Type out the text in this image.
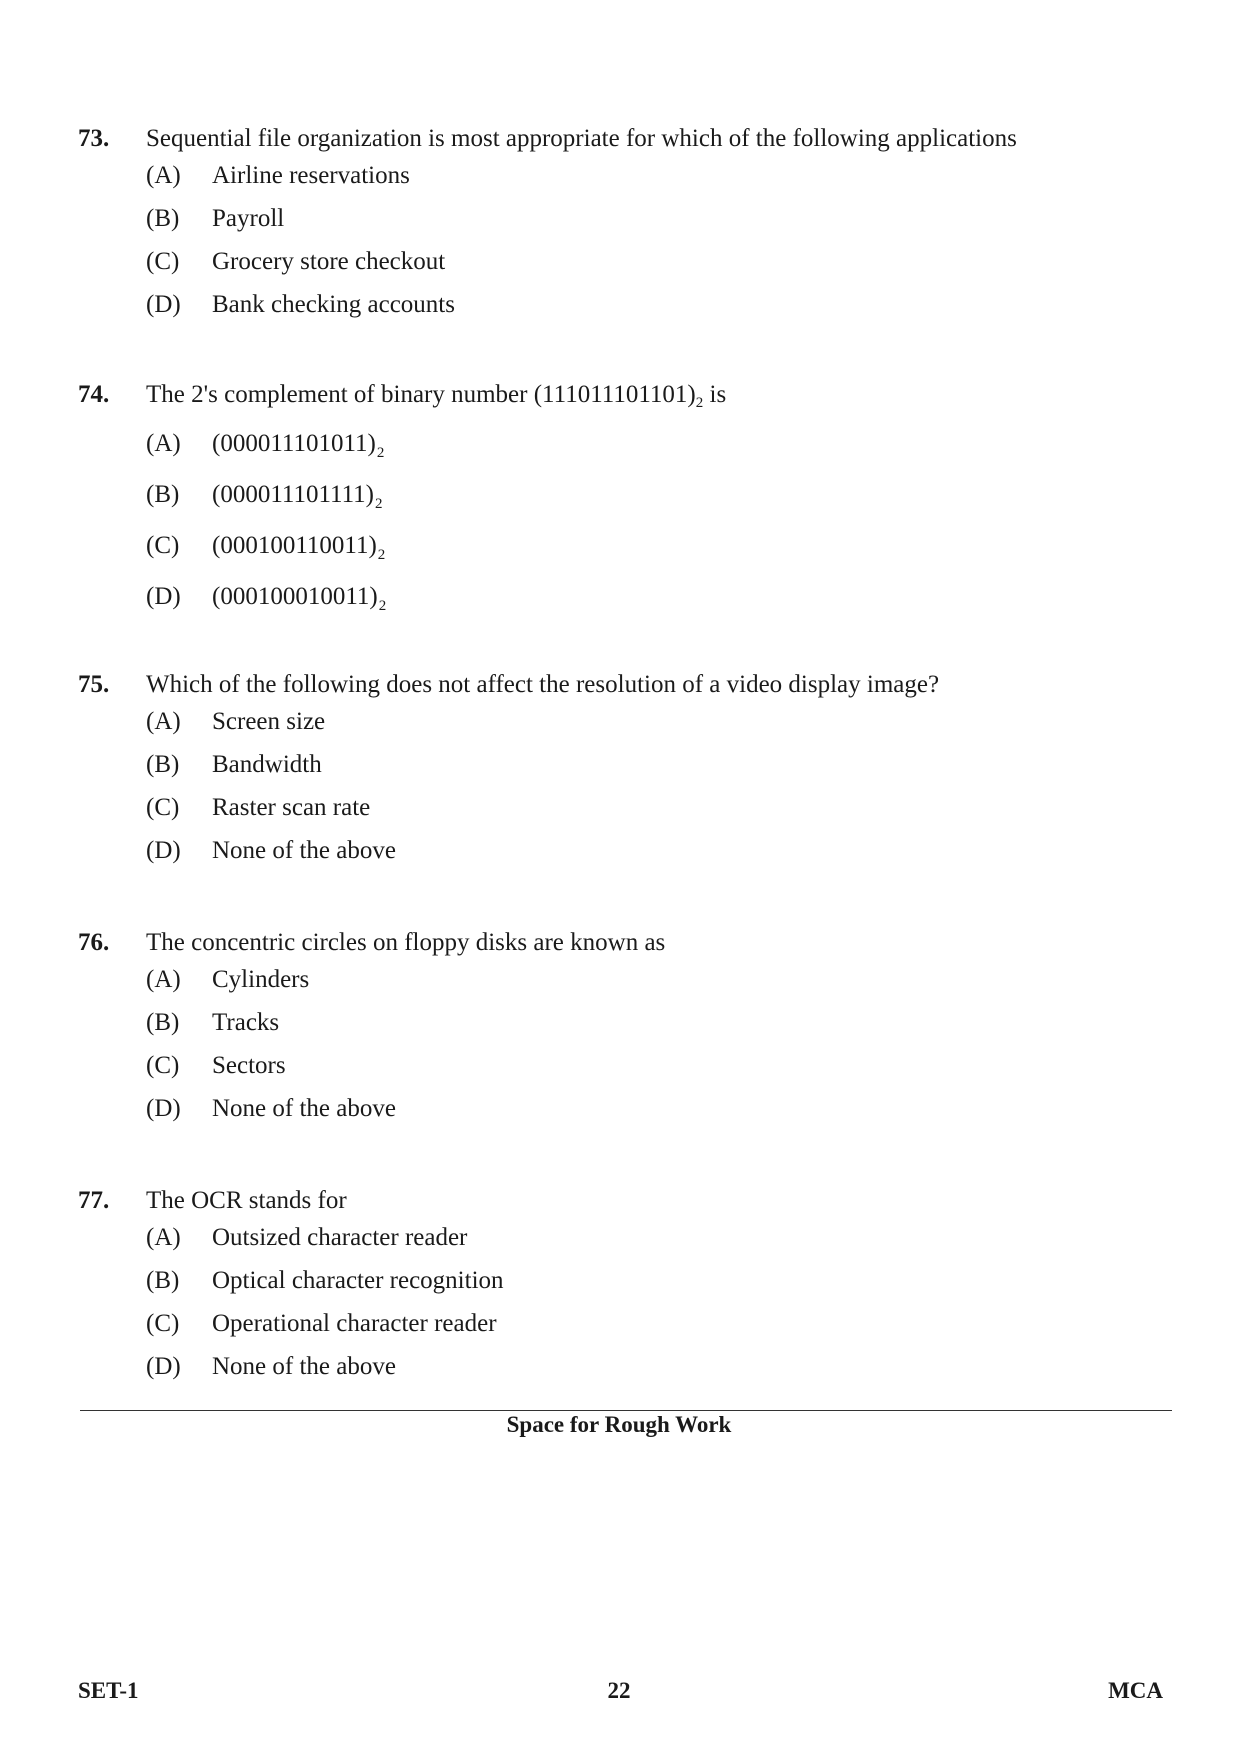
73.	Sequential file organization is most appropriate for which of the following applications
(A)	Airline reservations
(B)	Payroll
(C)	Grocery store checkout
(D)	Bank checking accounts
74.	The 2's complement of binary number $(111011101101)_2$ is
(A)	$(000011101011)_2$
(B)	$(000011101111)_2$
(C)	$(000100110011)_2$
(D)	$(000100010011)_2$
75.	Which of the following does not affect the resolution of a video display image?
(A)	Screen size
(B)	Bandwidth
(C)	Raster scan rate
(D)	None of the above
76.	The concentric circles on floppy disks are known as
(A)	Cylinders
(B)	Tracks
(C)	Sectors
(D)	None of the above
77.	The OCR stands for
(A)	Outsized character reader
(B)	Optical character recognition
(C)	Operational character reader
(D)	None of the above
Space for Rough Work
SET-1	22	MCA
